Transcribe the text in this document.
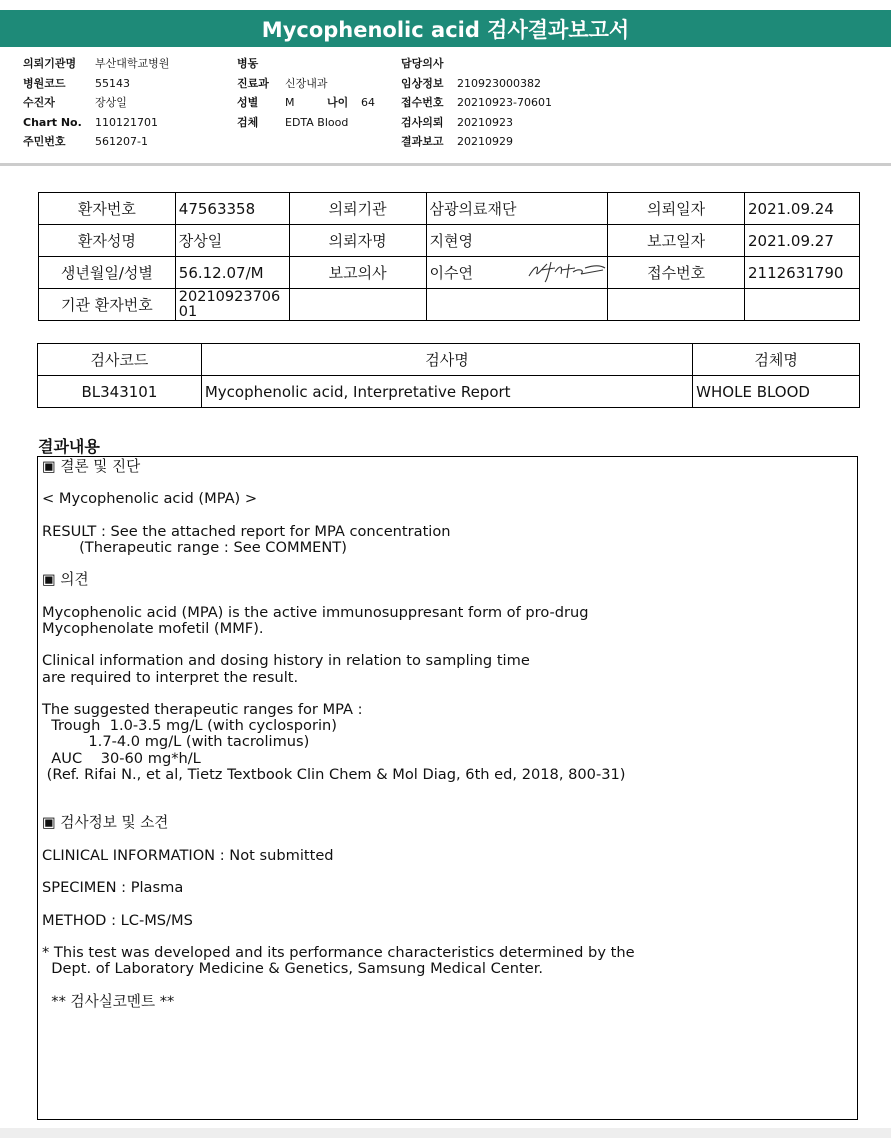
Mycophenolic acid 검사결과보고서
의뢰기관명 부산대학교병원
병원코드	55143
수진자	장상일
Chart No. 110121701
주민번호	561207-1
병동
진료과 신장내과
성별 M	나이 64
검체 EDTA Blood
담당의사
임상정보 210923000382
접수번호 20210923-70601
검사의뢰 20210923
결과보고 20210929
환자번호	47563358	의뢰기관	삼광의료재단	의뢰일자	2021.09.24
환자성명	장상일	의뢰자명	지현영	보고일자	2021.09.27
생년월일/성별	56.12.07/M	보고의사	이수연	접수번호	2112631790
기관 환자번호	20210923706
01				
검사코드	검사명	검체명
BL343101	Mycophenolic acid, Interpretative Report	WHOLE BLOOD
결과내용
▣ 결론 및 진단

< Mycophenolic acid (MPA) >

RESULT : See the attached report for MPA concentration
(Therapeutic range : See COMMENT)

▣ 의견

Mycophenolic acid (MPA) is the active immunosuppresant form of pro-drug
Mycophenolate mofetil (MMF).

Clinical information and dosing history in relation to sampling time
are required to interpret the result.

The suggested therapeutic ranges for MPA :
Trough  1.0-3.5 mg/L (with cyclosporin)
1.7-4.0 mg/L (with tacrolimus)
AUC    30-60 mg*h/L
(Ref. Rifai N., et al, Tietz Textbook Clin Chem & Mol Diag, 6th ed, 2018, 800-31)

▣ 검사정보 및 소견

CLINICAL INFORMATION : Not submitted

SPECIMEN : Plasma

METHOD : LC-MS/MS

* This test was developed and its performance characteristics determined by the
Dept. of Laboratory Medicine & Genetics, Samsung Medical Center.

** 검사실코멘트 **
